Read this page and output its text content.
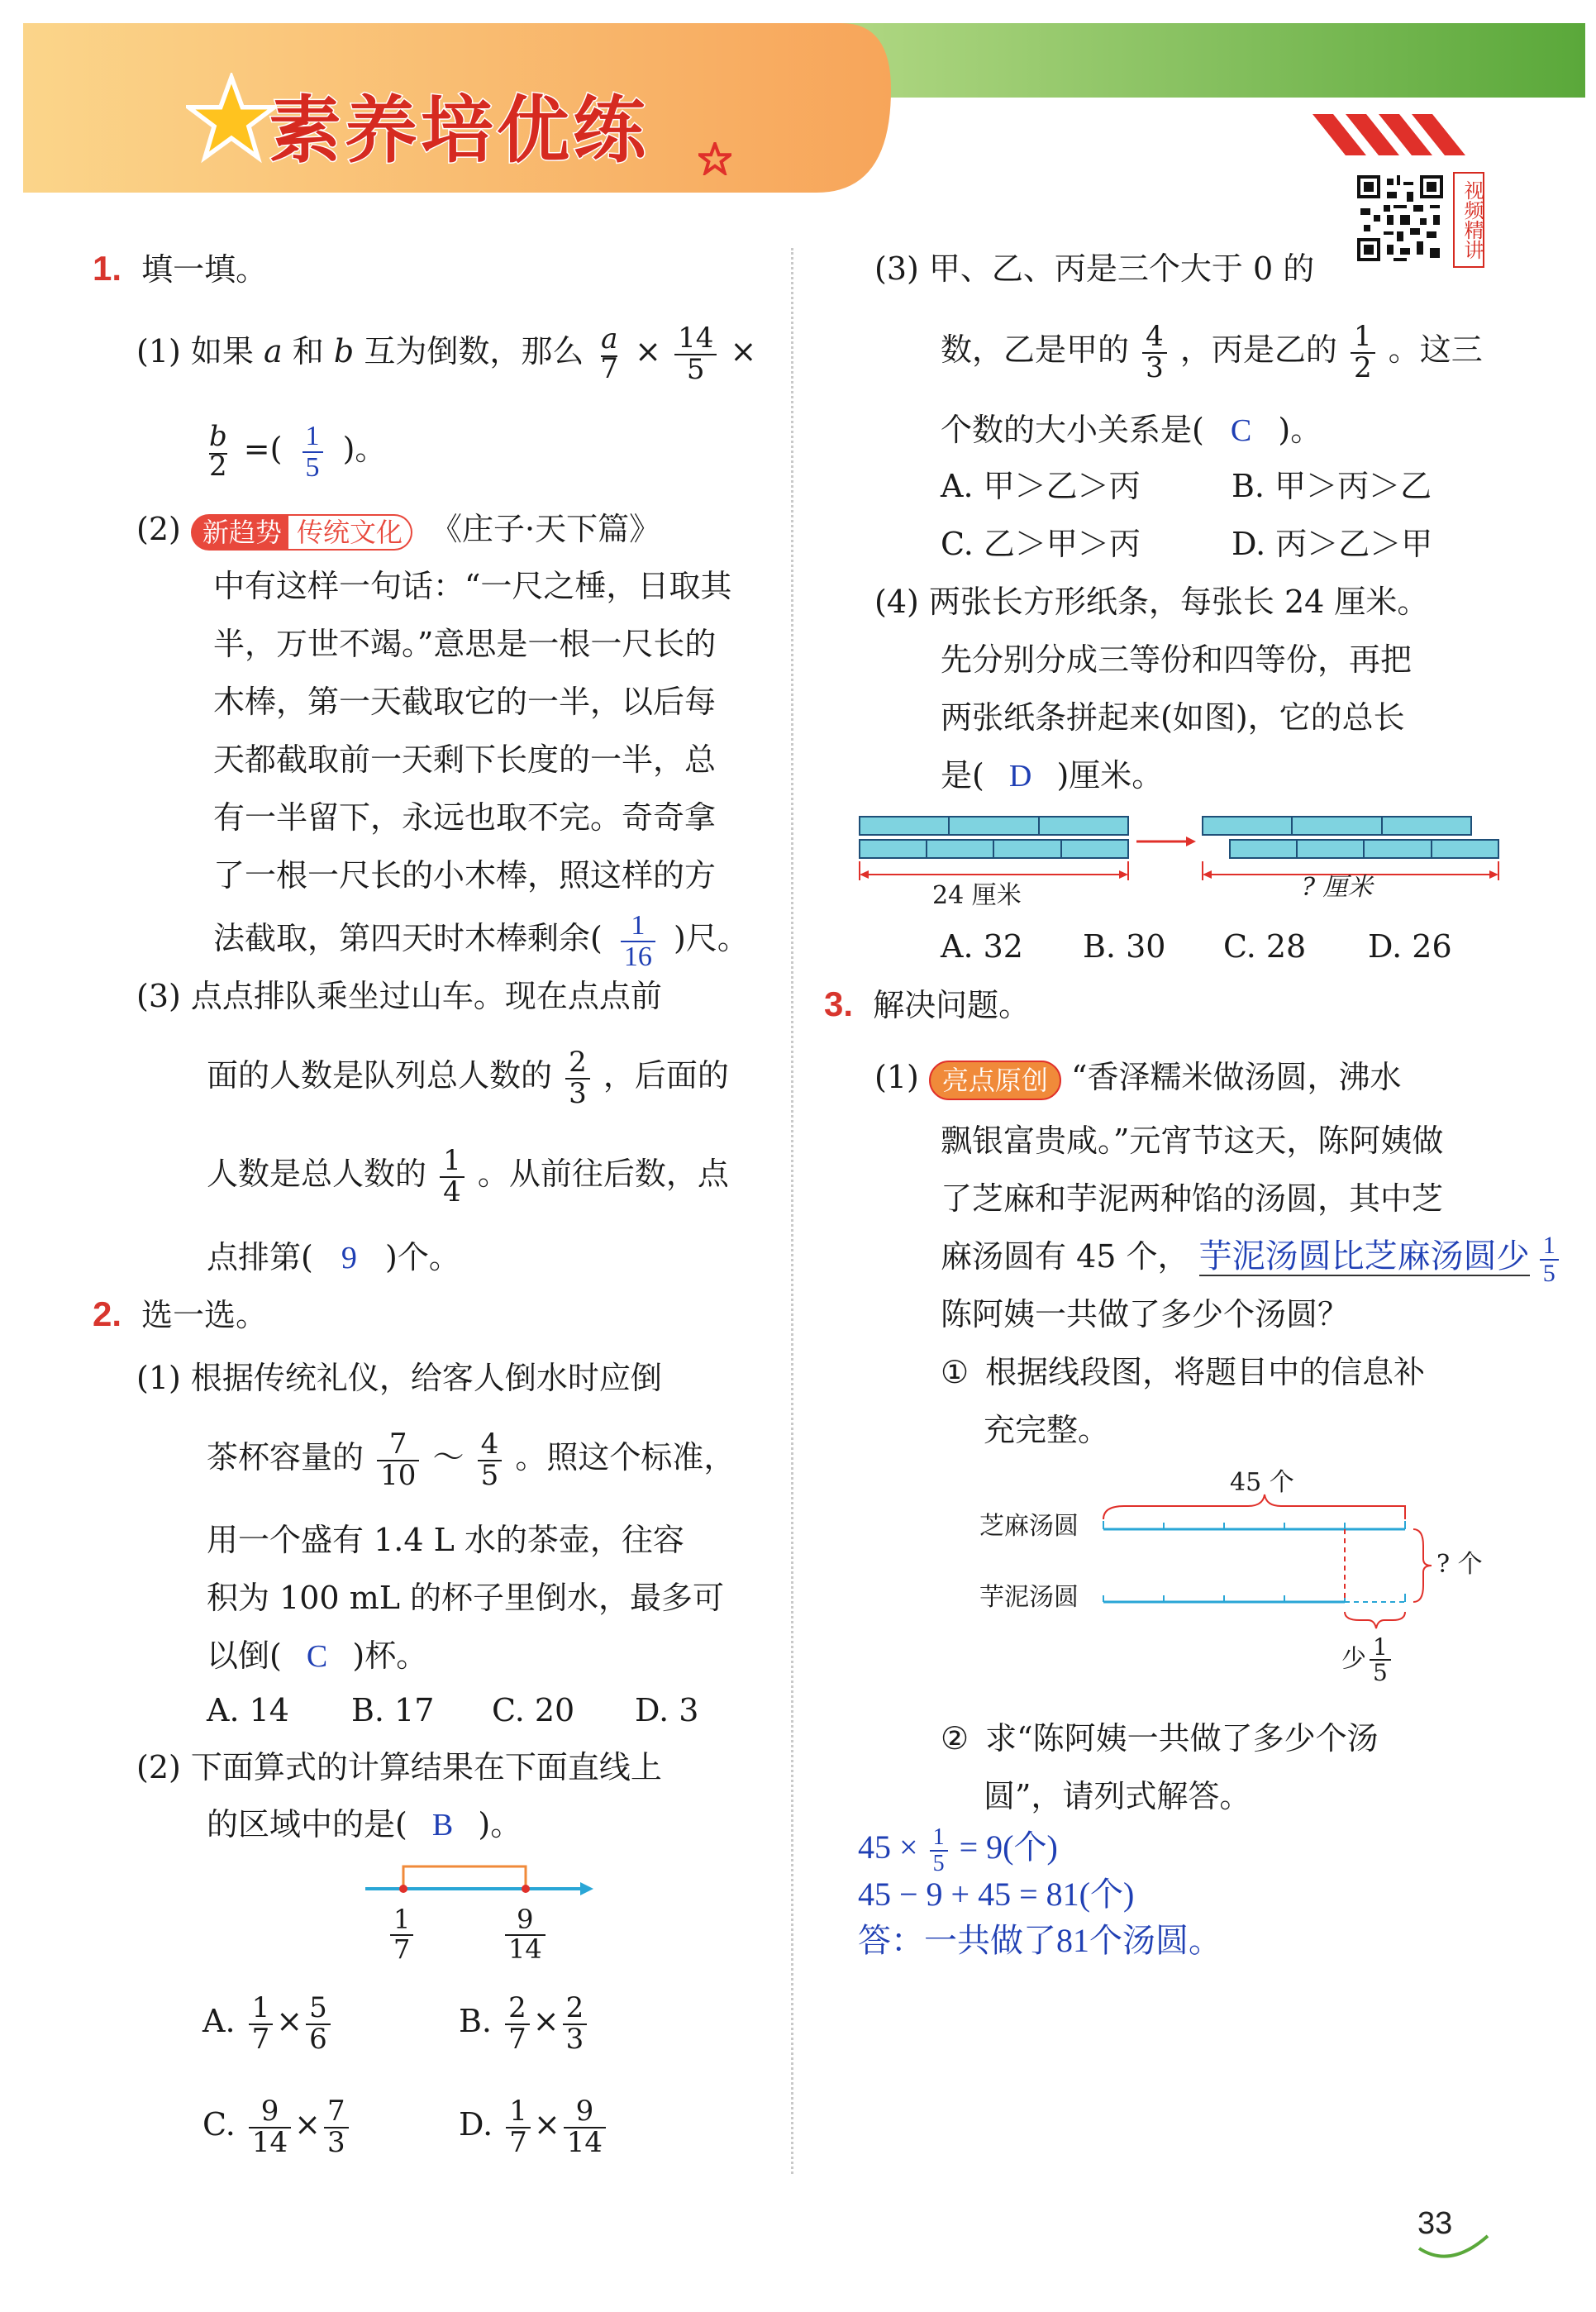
素养培优练
视频精讲
1. 填一填。
(1) 如果 a 和 b 互为倒数，那么 $\frac{a}{7} \times \frac{14}{5}$ ×
$\frac{b}{2}$ =( $\frac{1}{5}$ )。
(2) 新趋势 传统文化 《庄子·天下篇》
中有这样一句话：“一尺之棰，日取其
半，万世不竭。”意思是一根一尺长的
木棒，第一天截取它的一半，以后每
天都截取前一天剩下长度的一半，总
有一半留下，永远也取不完。奇奇拿
了一根一尺长的小木棒，照这样的方
法截取，第四天时木棒剩余( $\frac{1}{16}$ )尺。
(3) 点点排队乘坐过山车。现在点点前
面的人数是队列总人数的 $\frac{2}{3}$ ，后面的
人数是总人数的 $\frac{1}{4}$ 。从前往后数，点
点排第( 9 )个。
2. 选一选。
(1) 根据传统礼仪，给客人倒水时应倒
茶杯容量的 $\frac{7}{10}$ ～ $\frac{4}{5}$ 。照这个标准，
用一个盛有 1.4 L 水的茶壶，往容
积为 100 mL 的杯子里倒水，最多可
以倒( C )杯。
A. 14 B. 17 C. 20 D. 3
(2) 下面算式的计算结果在下面直线上
的区域中的是( B )。
$\frac{1}{7}$	$\frac{9}{14}$
A. $\frac{1}{7} \times \frac{5}{6}$	B. $\frac{2}{7} \times \frac{2}{3}$
C. $\frac{9}{14} \times \frac{7}{3}$	D. $\frac{1}{7} \times \frac{9}{14}$
(3) 甲、乙、丙是三个大于 0 的
数，乙是甲的 $\frac{4}{3}$ ，丙是乙的 $\frac{1}{2}$ 。这三
个数的大小关系是( C )。
A. 甲＞乙＞丙	B. 甲＞丙＞乙
C. 乙＞甲＞丙	D. 丙＞乙＞甲
(4) 两张长方形纸条，每张长 24 厘米。
先分别分成三等份和四等份，再把
两张纸条拼起来(如图)，它的总长
是( D )厘米。
24 厘米	? 厘米
A. 32 B. 30 C. 28 D. 26
3. 解决问题。
(1) 亮点原创 “香泽糯米做汤圆，沸水
飘银富贵咸。”元宵节这天，陈阿姨做
了芝麻和芋泥两种馅的汤圆，其中芝
麻汤圆有 45 个， 芋泥汤圆比芝麻汤圆少 $\frac{1}{5}$
陈阿姨一共做了多少个汤圆？
① 根据线段图，将题目中的信息补
充完整。
45 个
芝麻汤圆
芋泥汤圆
? 个
少 $\frac{1}{5}$
② 求“陈阿姨一共做了多少个汤
圆”，请列式解答。
$45 \times \frac{1}{5} = 9$(个)
45 − 9 + 45 = 81(个)
答：一共做了81个汤圆。
33
